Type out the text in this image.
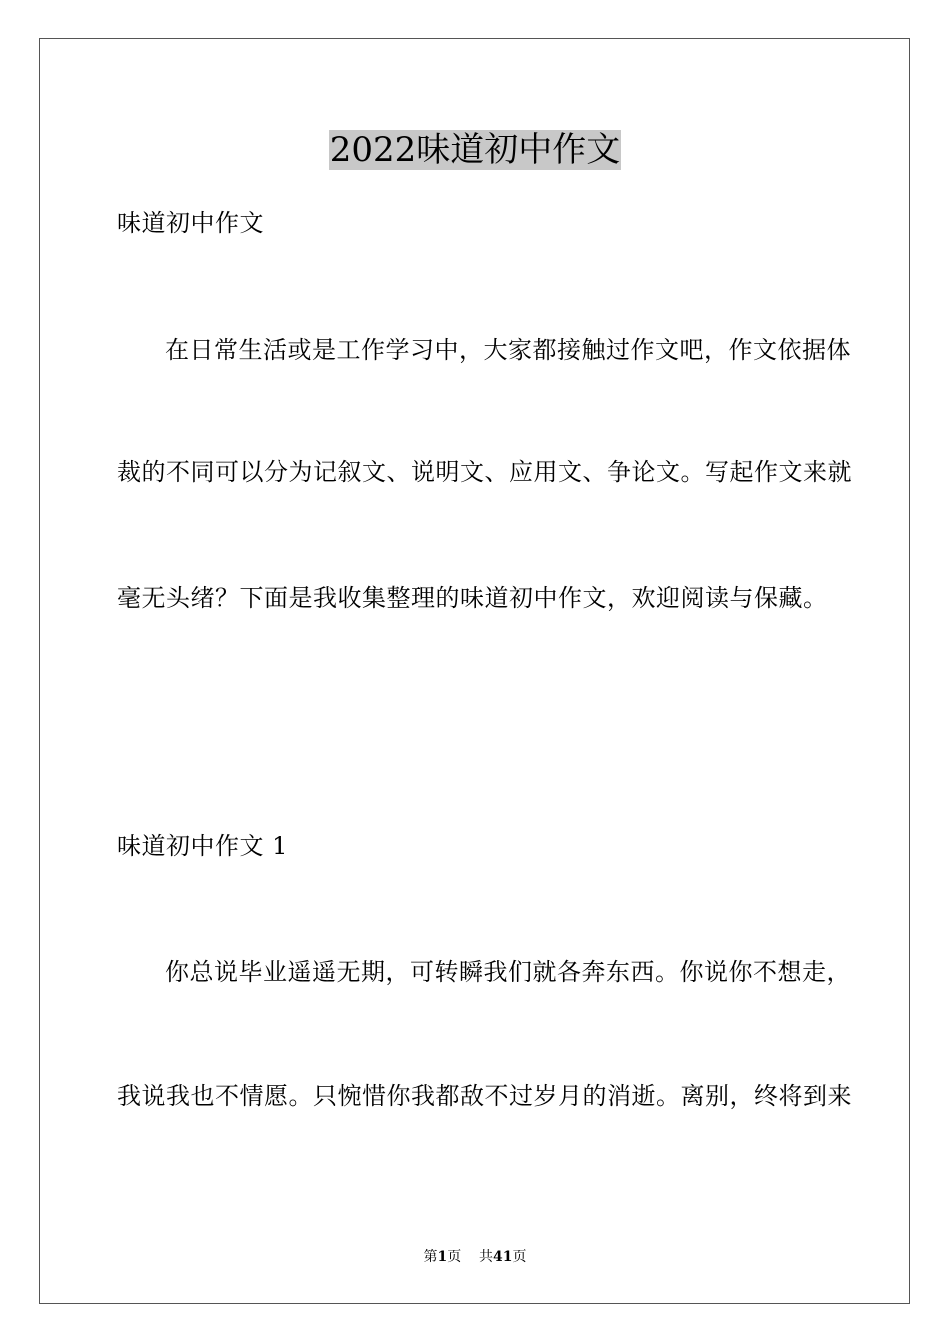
2022味道初中作文
味道初中作文
在日常生活或是工作学习中，大家都接触过作文吧，作文依据体
裁的不同可以分为记叙文、说明文、应用文、争论文。写起作文来就
毫无头绪？下面是我收集整理的味道初中作文，欢迎阅读与保藏。
味道初中作文 1
你总说毕业遥遥无期，可转瞬我们就各奔东西。你说你不想走，
我说我也不情愿。只惋惜你我都敌不过岁月的消逝。离别，终将到来
第1页 共41页
